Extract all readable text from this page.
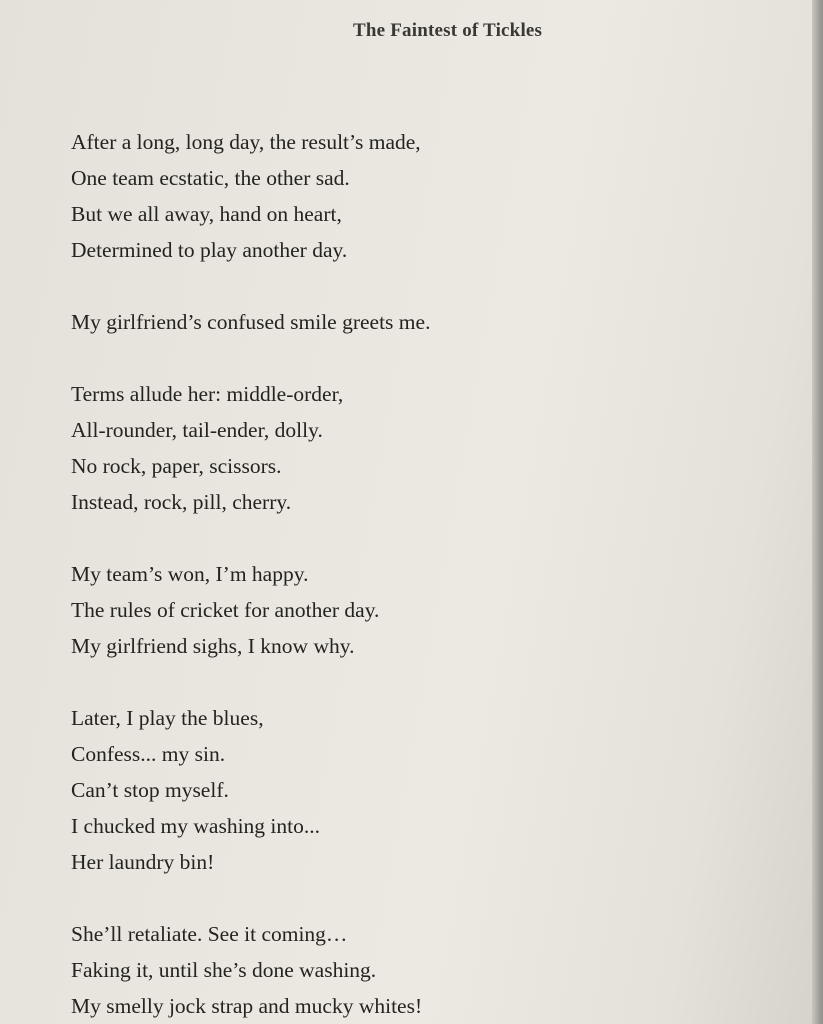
The Faintest of Tickles
After a long, long day, the result’s made,
One team ecstatic, the other sad.
But we all away, hand on heart,
Determined to play another day.
My girlfriend’s confused smile greets me.
Terms allude her: middle-order,
All-rounder, tail-ender, dolly.
No rock, paper, scissors.
Instead, rock, pill, cherry.
My team’s won, I’m happy.
The rules of cricket for another day.
My girlfriend sighs, I know why.
Later, I play the blues,
Confess... my sin.
Can’t stop myself.
I chucked my washing into...
Her laundry bin!
She’ll retaliate. See it coming…
Faking it, until she’s done washing.
My smelly jock strap and mucky whites!
